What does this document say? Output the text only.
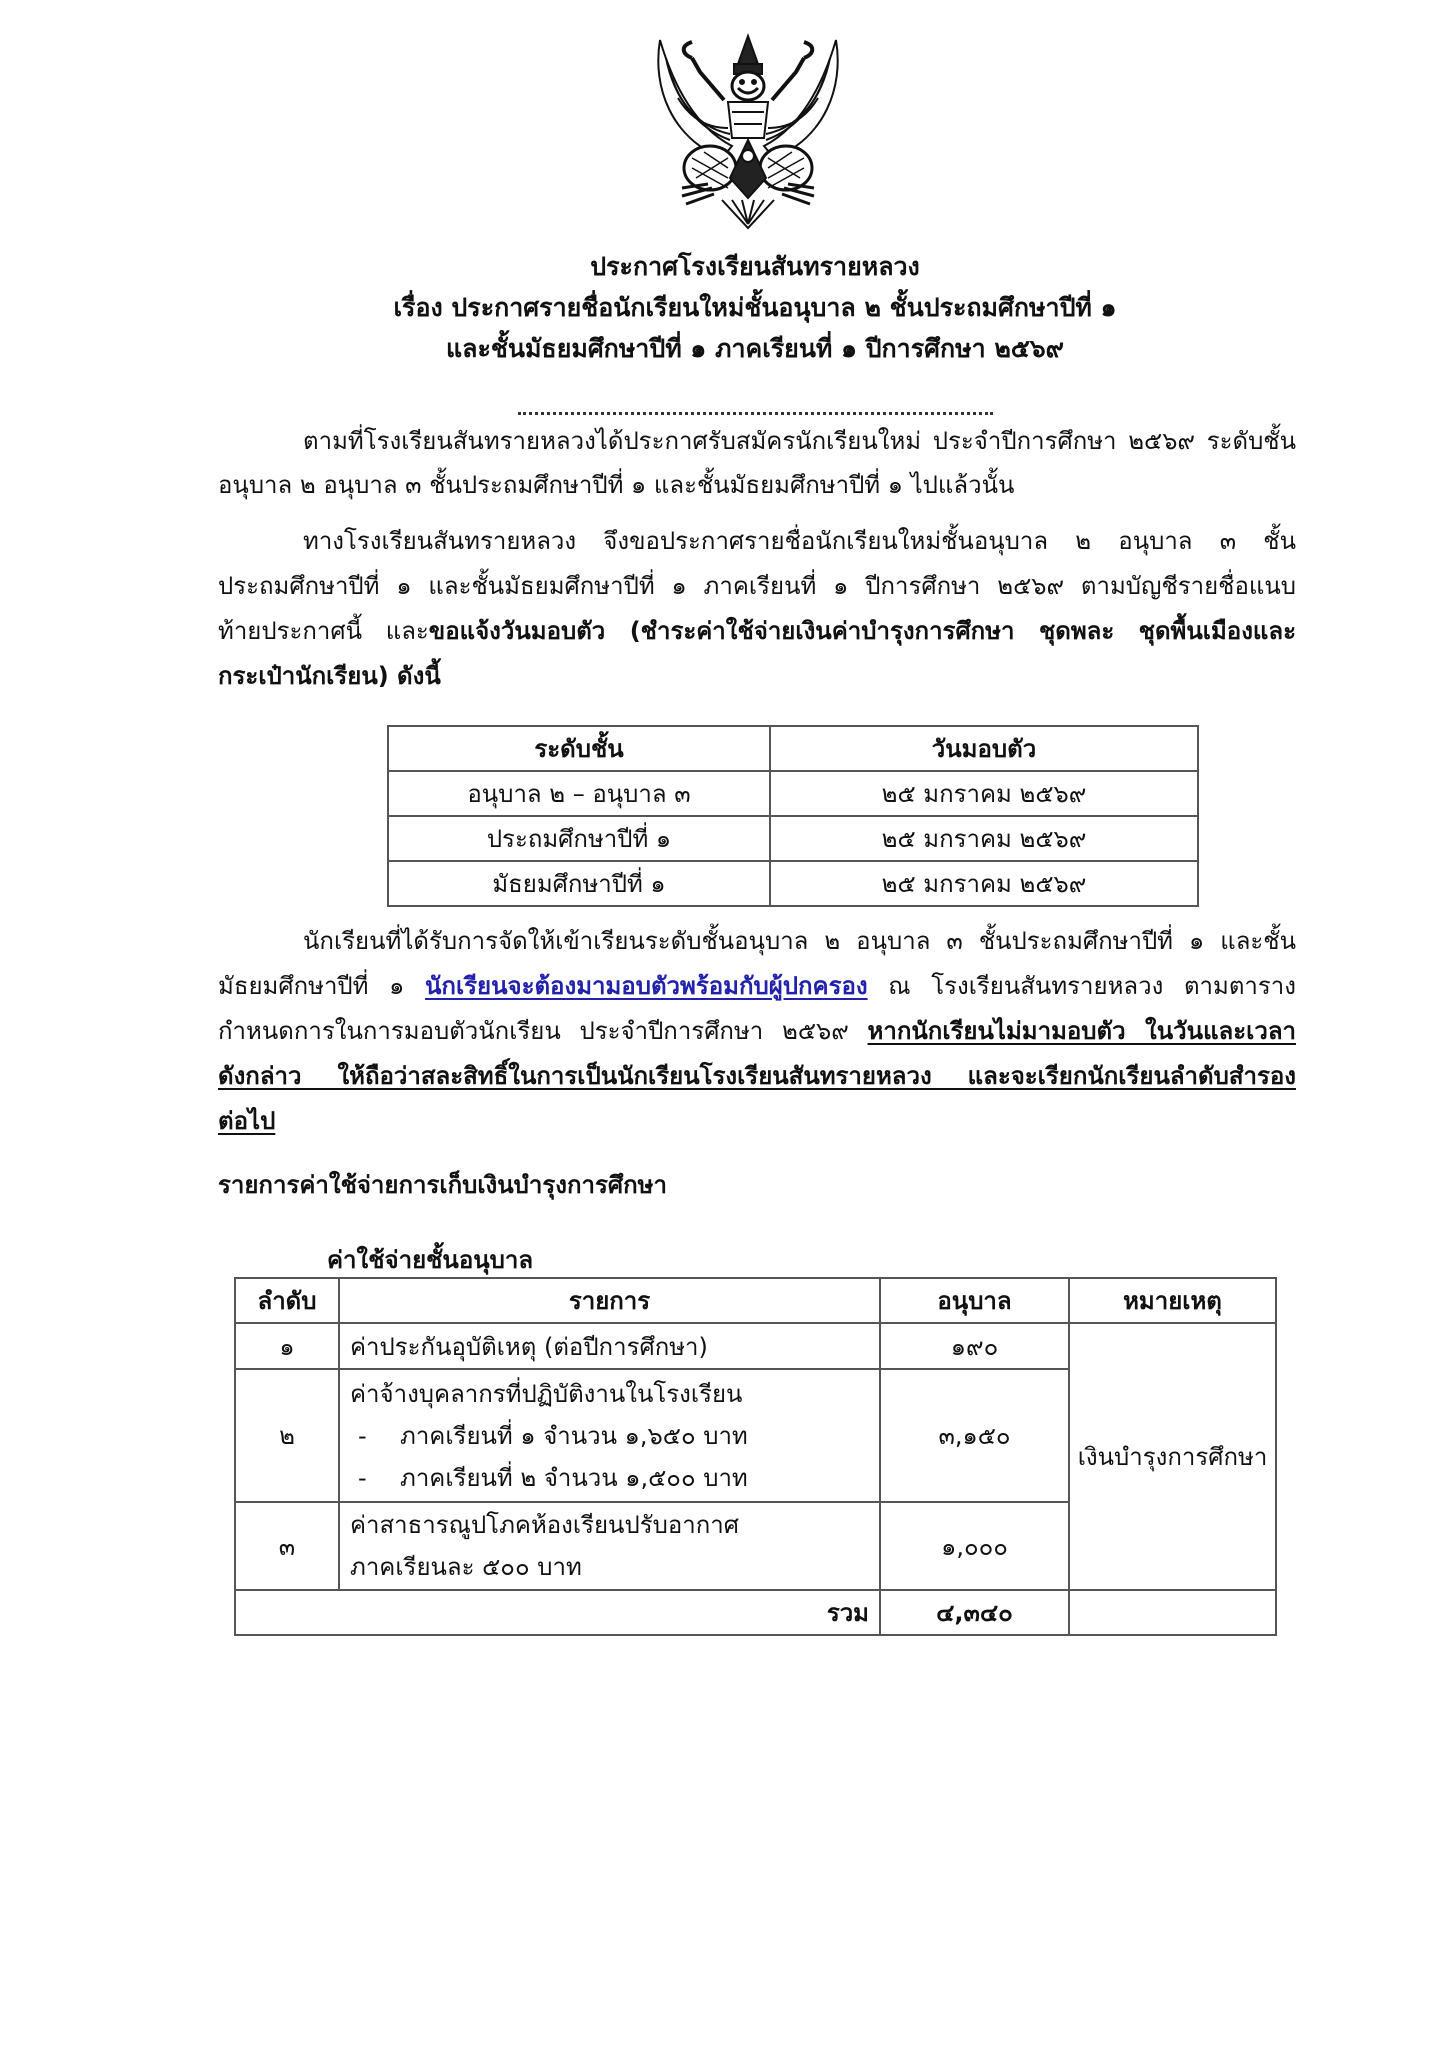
ประกาศโรงเรียนสันทรายหลวง
เรื่อง ประกาศรายชื่อนักเรียนใหม่ชั้นอนุบาล ๒ ชั้นประถมศึกษาปีที่ ๑
และชั้นมัธยมศึกษาปีที่ ๑ ภาคเรียนที่ ๑ ปีการศึกษา ๒๕๖๙
ตามที่โรงเรียนสันทรายหลวงได้ประกาศรับสมัครนักเรียนใหม่ ประจำปีการศึกษา ๒๕๖๙ ระดับชั้น
อนุบาล ๒ อนุบาล ๓ ชั้นประถมศึกษาปีที่ ๑ และชั้นมัธยมศึกษาปีที่ ๑ ไปแล้วนั้น
ทางโรงเรียนสันทรายหลวง จึงขอประกาศรายชื่อนักเรียนใหม่ชั้นอนุบาล ๒ อนุบาล ๓ ชั้น
ประถมศึกษาปีที่ ๑ และชั้นมัธยมศึกษาปีที่ ๑ ภาคเรียนที่ ๑ ปีการศึกษา ๒๕๖๙ ตามบัญชีรายชื่อแนบ
ท้ายประกาศนี้ และขอแจ้งวันมอบตัว (ชำระค่าใช้จ่ายเงินค่าบำรุงการศึกษา ชุดพละ ชุดพื้นเมืองและ
กระเป๋านักเรียน) ดังนี้
ระดับชั้น	วันมอบตัว
อนุบาล ๒ – อนุบาล ๓	๒๕ มกราคม ๒๕๖๙
ประถมศึกษาปีที่ ๑	๒๕ มกราคม ๒๕๖๙
มัธยมศึกษาปีที่ ๑	๒๕ มกราคม ๒๕๖๙
นักเรียนที่ได้รับการจัดให้เข้าเรียนระดับชั้นอนุบาล ๒ อนุบาล ๓ ชั้นประถมศึกษาปีที่ ๑ และชั้น
มัธยมศึกษาปีที่ ๑ นักเรียนจะต้องมามอบตัวพร้อมกับผู้ปกครอง ณ โรงเรียนสันทรายหลวง ตามตาราง
กำหนดการในการมอบตัวนักเรียน ประจำปีการศึกษา ๒๕๖๙ หากนักเรียนไม่มามอบตัว ในวันและเวลา
ดังกล่าว ให้ถือว่าสละสิทธิ์ในการเป็นนักเรียนโรงเรียนสันทรายหลวง และจะเรียกนักเรียนลำดับสำรอง
ต่อไป
รายการค่าใช้จ่ายการเก็บเงินบำรุงการศึกษา
ค่าใช้จ่ายชั้นอนุบาล
ลำดับ	รายการ	อนุบาล	หมายเหตุ
๑	ค่าประกันอุบัติเหตุ (ต่อปีการศึกษา)	๑๙๐	เงินบำรุงการศึกษา
๒	ค่าจ้างบุคลากรที่ปฏิบัติงานในโรงเรียน
- ภาคเรียนที่ ๑ จำนวน ๑,๖๕๐ บาท
- ภาคเรียนที่ ๒ จำนวน ๑,๕๐๐ บาท	๓,๑๕๐	
๓	ค่าสาธารณูปโภคห้องเรียนปรับอากาศ
ภาคเรียนละ ๕๐๐ บาท	๑,๐๐๐	
รวม		๔,๓๔๐	
